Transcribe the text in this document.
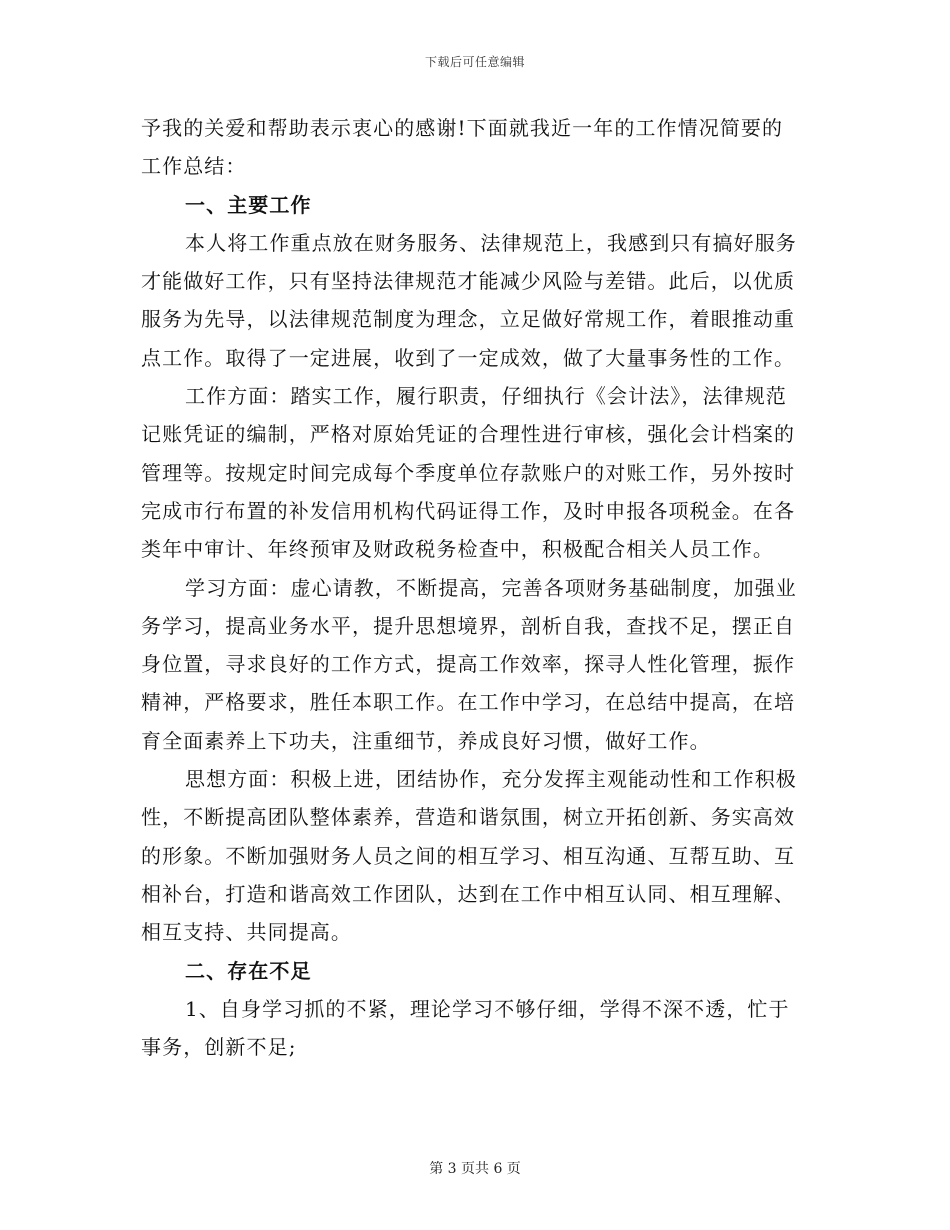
下载后可任意编辑

予我的关爱和帮助表示衷心的感谢!下面就我近一年的工作情况简要的工作总结：

一、主要工作

本人将工作重点放在财务服务、法律规范上，我感到只有搞好服务才能做好工作，只有坚持法律规范才能减少风险与差错。此后，以优质服务为先导，以法律规范制度为理念，立足做好常规工作，着眼推动重点工作。取得了一定进展，收到了一定成效，做了大量事务性的工作。

工作方面：踏实工作，履行职责，仔细执行《会计法》，法律规范记账凭证的编制，严格对原始凭证的合理性进行审核，强化会计档案的管理等。按规定时间完成每个季度单位存款账户的对账工作，另外按时完成市行布置的补发信用机构代码证得工作，及时申报各项税金。在各类年中审计、年终预审及财政税务检查中，积极配合相关人员工作。

学习方面：虚心请教，不断提高，完善各项财务基础制度，加强业务学习，提高业务水平，提升思想境界，剖析自我，查找不足，摆正自身位置，寻求良好的工作方式，提高工作效率，探寻人性化管理，振作精神，严格要求，胜任本职工作。在工作中学习，在总结中提高，在培育全面素养上下功夫，注重细节，养成良好习惯，做好工作。

思想方面：积极上进，团结协作，充分发挥主观能动性和工作积极性，不断提高团队整体素养，营造和谐氛围，树立开拓创新、务实高效的形象。不断加强财务人员之间的相互学习、相互沟通、互帮互助、互相补台，打造和谐高效工作团队，达到在工作中相互认同、相互理解、相互支持、共同提高。

二、存在不足

1、自身学习抓的不紧，理论学习不够仔细，学得不深不透，忙于事务，创新不足;

第 3 页共 6 页
